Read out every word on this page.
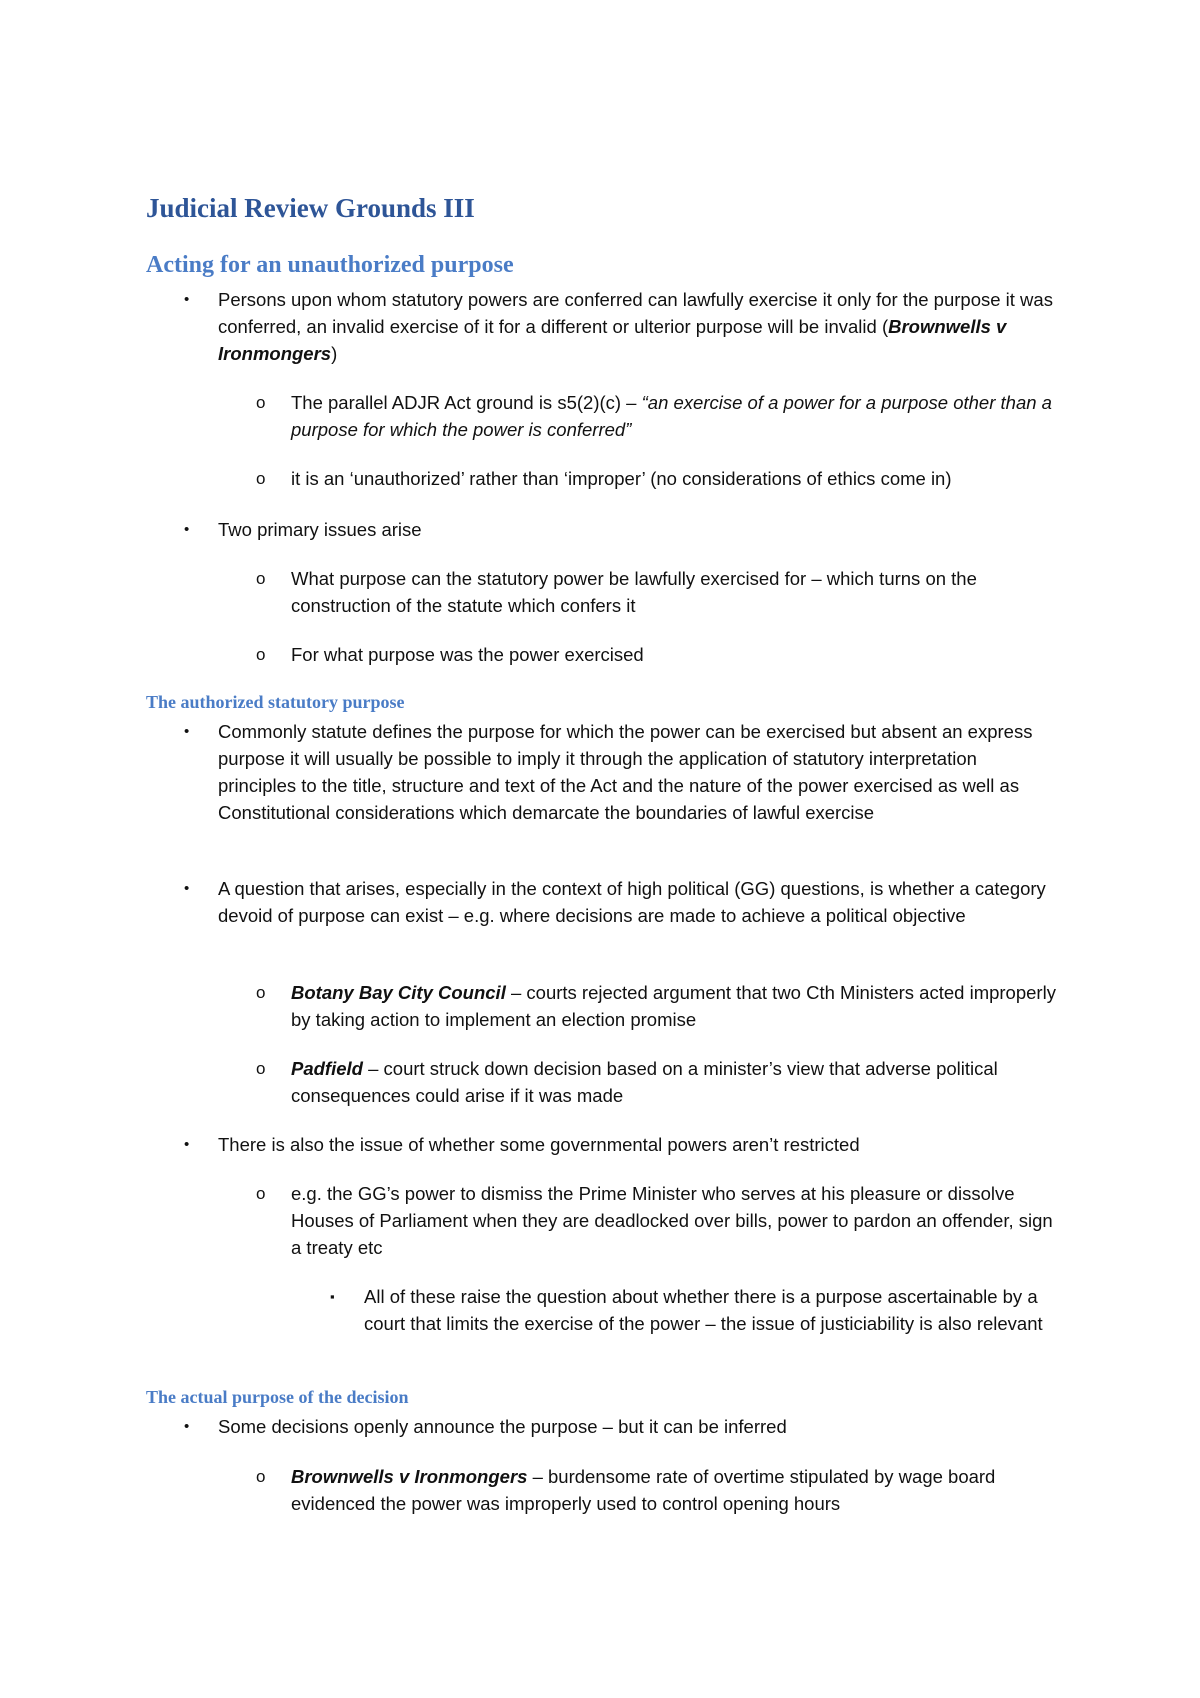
Judicial Review Grounds III
Acting for an unauthorized purpose
• Persons upon whom statutory powers are conferred can lawfully exercise it only for the purpose it was conferred, an invalid exercise of it for a different or ulterior purpose will be invalid (Brownwells v Ironmongers)

o The parallel ADJR Act ground is s5(2)(c) – “an exercise of a power for a purpose other than a purpose for which the power is conferred”

o it is an ‘unauthorized’ rather than ‘improper’ (no considerations of ethics come in)

• Two primary issues arise

o What purpose can the statutory power be lawfully exercised for – which turns on the construction of the statute which confers it

o For what purpose was the power exercised

The authorized statutory purpose
• Commonly statute defines the purpose for which the power can be exercised but absent an express purpose it will usually be possible to imply it through the application of statutory interpretation principles to the title, structure and text of the Act and the nature of the power exercised as well as Constitutional considerations which demarcate the boundaries of lawful exercise

• A question that arises, especially in the context of high political (GG) questions, is whether a category devoid of purpose can exist – e.g. where decisions are made to achieve a political objective

o Botany Bay City Council – courts rejected argument that two Cth Ministers acted improperly by taking action to implement an election promise

o Padfield – court struck down decision based on a minister’s view that adverse political consequences could arise if it was made

• There is also the issue of whether some governmental powers aren’t restricted

o e.g. the GG’s power to dismiss the Prime Minister who serves at his pleasure or dissolve Houses of Parliament when they are deadlocked over bills, power to pardon an offender, sign a treaty etc

▪ All of these raise the question about whether there is a purpose ascertainable by a court that limits the exercise of the power – the issue of justiciability is also relevant

The actual purpose of the decision
• Some decisions openly announce the purpose – but it can be inferred

o Brownwells v Ironmongers – burdensome rate of overtime stipulated by wage board evidenced the power was improperly used to control opening hours
